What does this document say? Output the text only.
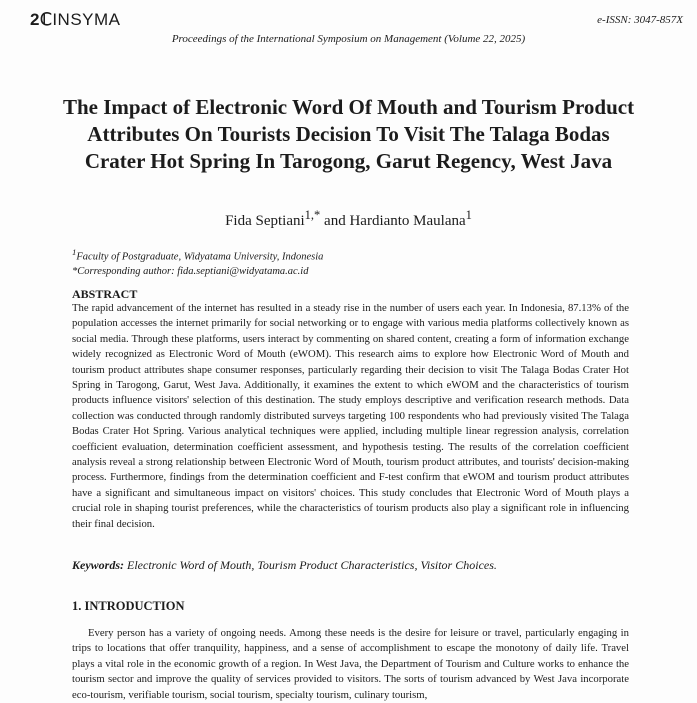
2ℂINSYMA	e-ISSN: 3047-857X
Proceedings of the International Symposium on Management (Volume 22, 2025)
The Impact of Electronic Word Of Mouth and Tourism Product Attributes On Tourists Decision To Visit The Talaga Bodas Crater Hot Spring In Tarogong, Garut Regency, West Java
Fida Septiani$^{1,*}$ and Hardianto Maulana$^1$
$^1$Faculty of Postgraduate, Widyatama University, Indonesia
*Corresponding author: fida.septiani@widyatama.ac.id
ABSTRACT

The rapid advancement of the internet has resulted in a steady rise in the number of users each year. In Indonesia, 87.13% of the population accesses the internet primarily for social networking or to engage with various media platforms collectively known as social media. Through these platforms, users interact by commenting on shared content, creating a form of information exchange widely recognized as Electronic Word of Mouth (eWOM). This research aims to explore how Electronic Word of Mouth and tourism product attributes shape consumer responses, particularly regarding their decision to visit The Talaga Bodas Crater Hot Spring in Tarogong, Garut, West Java. Additionally, it examines the extent to which eWOM and the characteristics of tourism products influence visitors' selection of this destination. The study employs descriptive and verification research methods. Data collection was conducted through randomly distributed surveys targeting 100 respondents who had previously visited The Talaga Bodas Crater Hot Spring. Various analytical techniques were applied, including multiple linear regression analysis, correlation coefficient evaluation, determination coefficient assessment, and hypothesis testing. The results of the correlation coefficient analysis reveal a strong relationship between Electronic Word of Mouth, tourism product attributes, and tourists' decision-making process. Furthermore, findings from the determination coefficient and F-test confirm that eWOM and tourism product attributes have a significant and simultaneous impact on visitors' choices. This study concludes that Electronic Word of Mouth plays a crucial role in shaping tourist preferences, while the characteristics of tourism products also play a significant role in influencing their final decision.

Keywords: Electronic Word of Mouth, Tourism Product Characteristics, Visitor Choices.
1. INTRODUCTION

Every person has a variety of ongoing needs. Among these needs is the desire for leisure or travel, particularly engaging in trips to locations that offer tranquility, happiness, and a sense of accomplishment to escape the monotony of daily life. Travel plays a vital role in the economic growth of a region. In West Java, the Department of Tourism and Culture works to enhance the tourism sector and improve the quality of services provided to visitors. The sorts of tourism advanced by West Java incorporate eco-tourism, verifiable tourism, social tourism, specialty tourism, culinary tourism,
